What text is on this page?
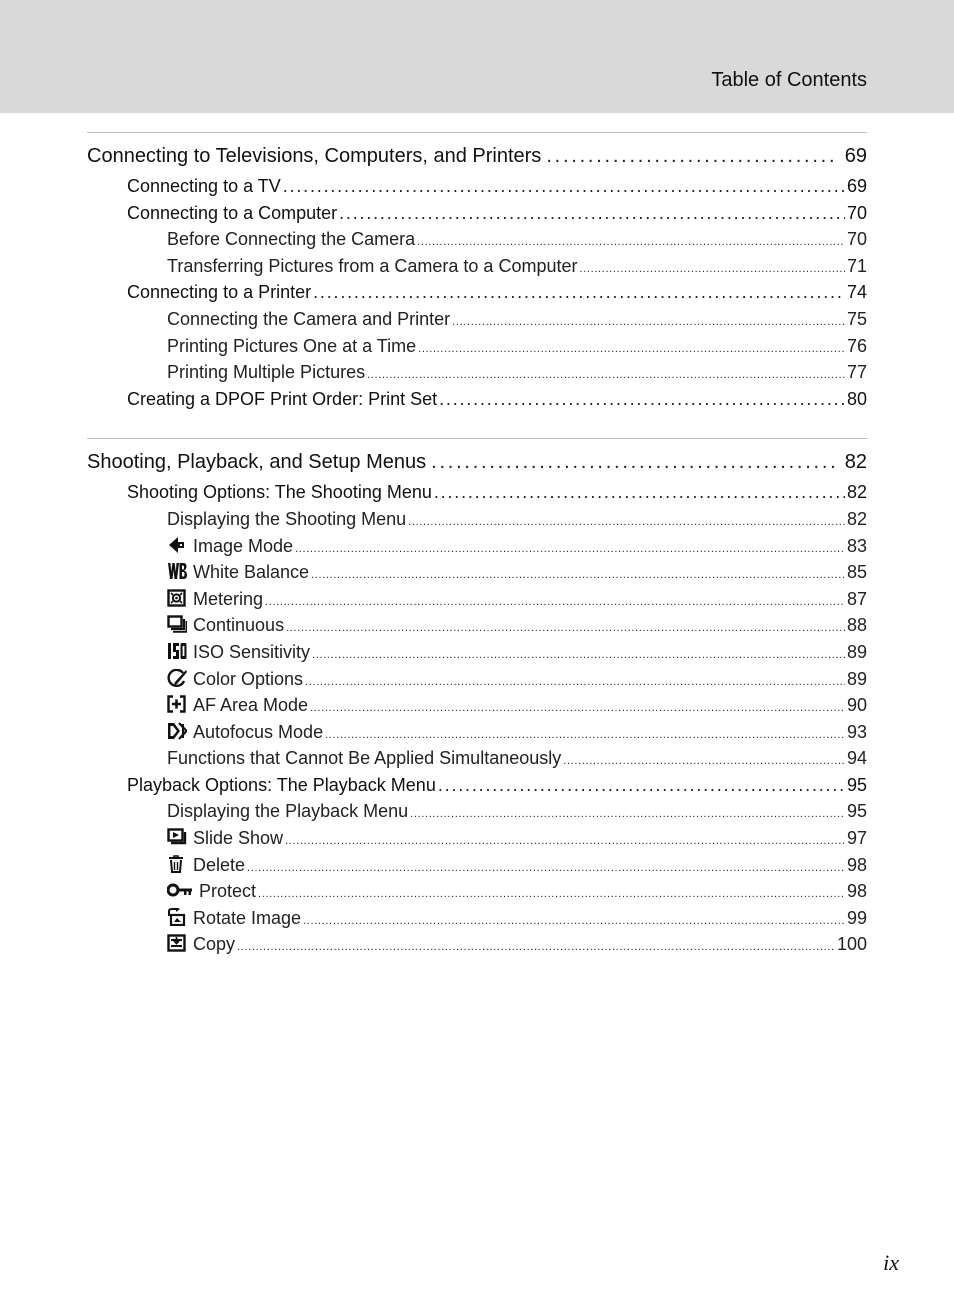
Table of Contents
Connecting to Televisions, Computers, and Printers . . .	69
Connecting to a TV . . .	69
Connecting to a Computer . . .	70
Before Connecting the Camera . . .	70
Transferring Pictures from a Camera to a Computer . . .	71
Connecting to a Printer . . .	74
Connecting the Camera and Printer . . .	75
Printing Pictures One at a Time . . .	76
Printing Multiple Pictures . . .	77
Creating a DPOF Print Order: Print Set . . .	80
Shooting, Playback, and Setup Menus . . .	82
Shooting Options: The Shooting Menu . . .	82
Displaying the Shooting Menu . . .	82
Image Mode . . .	83
White Balance . . .	85
Metering . . .	87
Continuous . . .	88
ISO Sensitivity . . .	89
Color Options . . .	89
AF Area Mode . . .	90
Autofocus Mode . . .	93
Functions that Cannot Be Applied Simultaneously . . .	94
Playback Options: The Playback Menu . . .	95
Displaying the Playback Menu . . .	95
Slide Show . . .	97
Delete . . .	98
Protect . . .	98
Rotate Image . . .	99
Copy . . .	100
ix
